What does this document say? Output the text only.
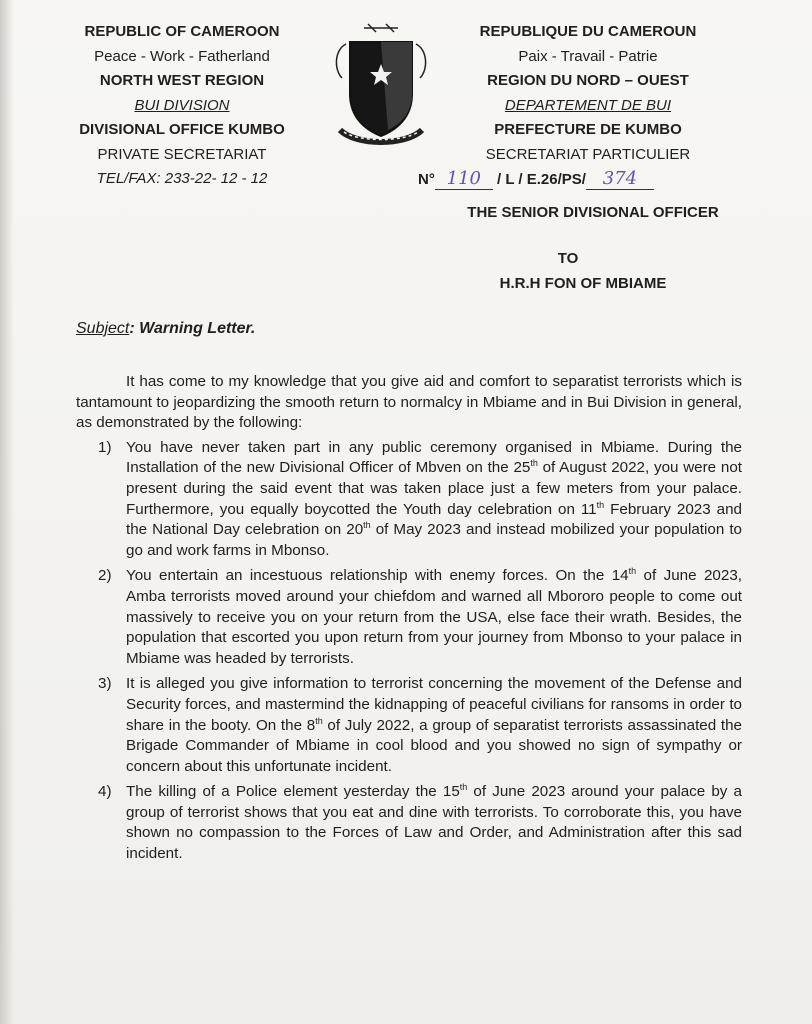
REPUBLIC OF CAMEROON
Peace - Work - Fatherland
NORTH WEST REGION
BUI DIVISION
DIVISIONAL OFFICE KUMBO
PRIVATE SECRETARIAT
TEL/FAX: 233-22- 12 - 12
REPUBLIQUE DU CAMEROUN
Paix - Travail - Patrie
REGION DU NORD – OUEST
DEPARTEMENT DE BUI
PREFECTURE DE KUMBO
SECRETARIAT PARTICULIER
N° 110 / L / E.26/PS/ 374
THE SENIOR DIVISIONAL OFFICER
TO
H.R.H FON OF MBIAME
Subject: Warning Letter.

It has come to my knowledge that you give aid and comfort to separatist terrorists which is tantamount to jeopardizing the smooth return to normalcy in Mbiame and in Bui Division in general, as demonstrated by the following:

1) You have never taken part in any public ceremony organised in Mbiame. During the Installation of the new Divisional Officer of Mbven on the 25th of August 2022, you were not present during the said event that was taken place just a few meters from your palace. Furthermore, you equally boycotted the Youth day celebration on 11th February 2023 and the National Day celebration on 20th of May 2023 and instead mobilized your population to go and work farms in Mbonso.
2) You entertain an incestuous relationship with enemy forces. On the 14th of June 2023, Amba terrorists moved around your chiefdom and warned all Mbororo people to come out massively to receive you on your return from the USA, else face their wrath. Besides, the population that escorted you upon return from your journey from Mbonso to your palace in Mbiame was headed by terrorists.
3) It is alleged you give information to terrorist concerning the movement of the Defense and Security forces, and mastermind the kidnapping of peaceful civilians for ransoms in order to share in the booty. On the 8th of July 2022, a group of separatist terrorists assassinated the Brigade Commander of Mbiame in cool blood and you showed no sign of sympathy or concern about this unfortunate incident.
4) The killing of a Police element yesterday the 15th of June 2023 around your palace by a group of terrorist shows that you eat and dine with terrorists. To corroborate this, you have shown no compassion to the Forces of Law and Order, and Administration after this sad incident.
